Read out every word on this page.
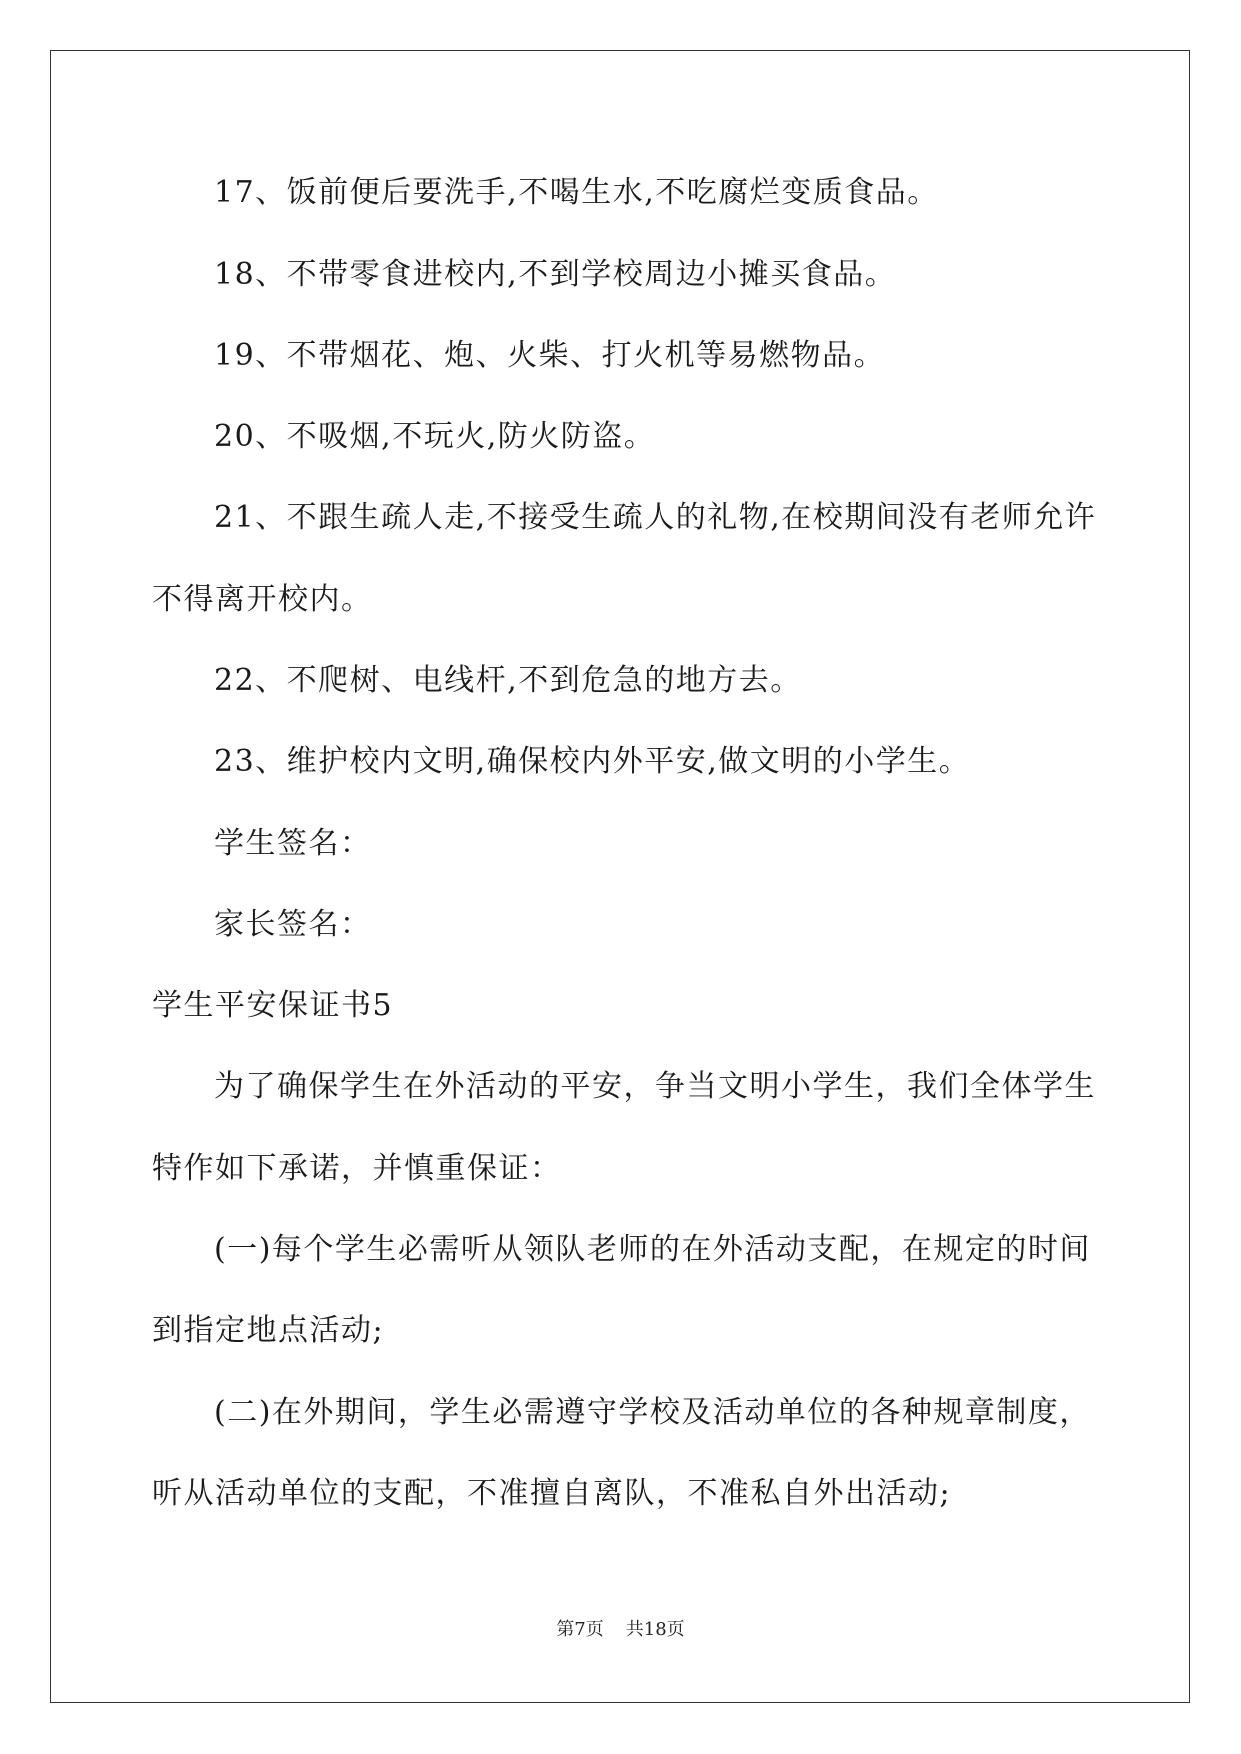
17、饭前便后要洗手,不喝生水,不吃腐烂变质食品。
18、不带零食进校内,不到学校周边小摊买食品。
19、不带烟花、炮、火柴、打火机等易燃物品。
20、不吸烟,不玩火,防火防盗。
21、不跟生疏人走,不接受生疏人的礼物,在校期间没有老师允许
不得离开校内。
22、不爬树、电线杆,不到危急的地方去。
23、维护校内文明,确保校内外平安,做文明的小学生。
学生签名：
家长签名：
学生平安保证书5
为了确保学生在外活动的平安，争当文明小学生，我们全体学生
特作如下承诺，并慎重保证：
(一)每个学生必需听从领队老师的在外活动支配，在规定的时间
到指定地点活动;
(二)在外期间，学生必需遵守学校及活动单位的各种规章制度，
听从活动单位的支配，不准擅自离队，不准私自外出活动;
第7页 共18页
